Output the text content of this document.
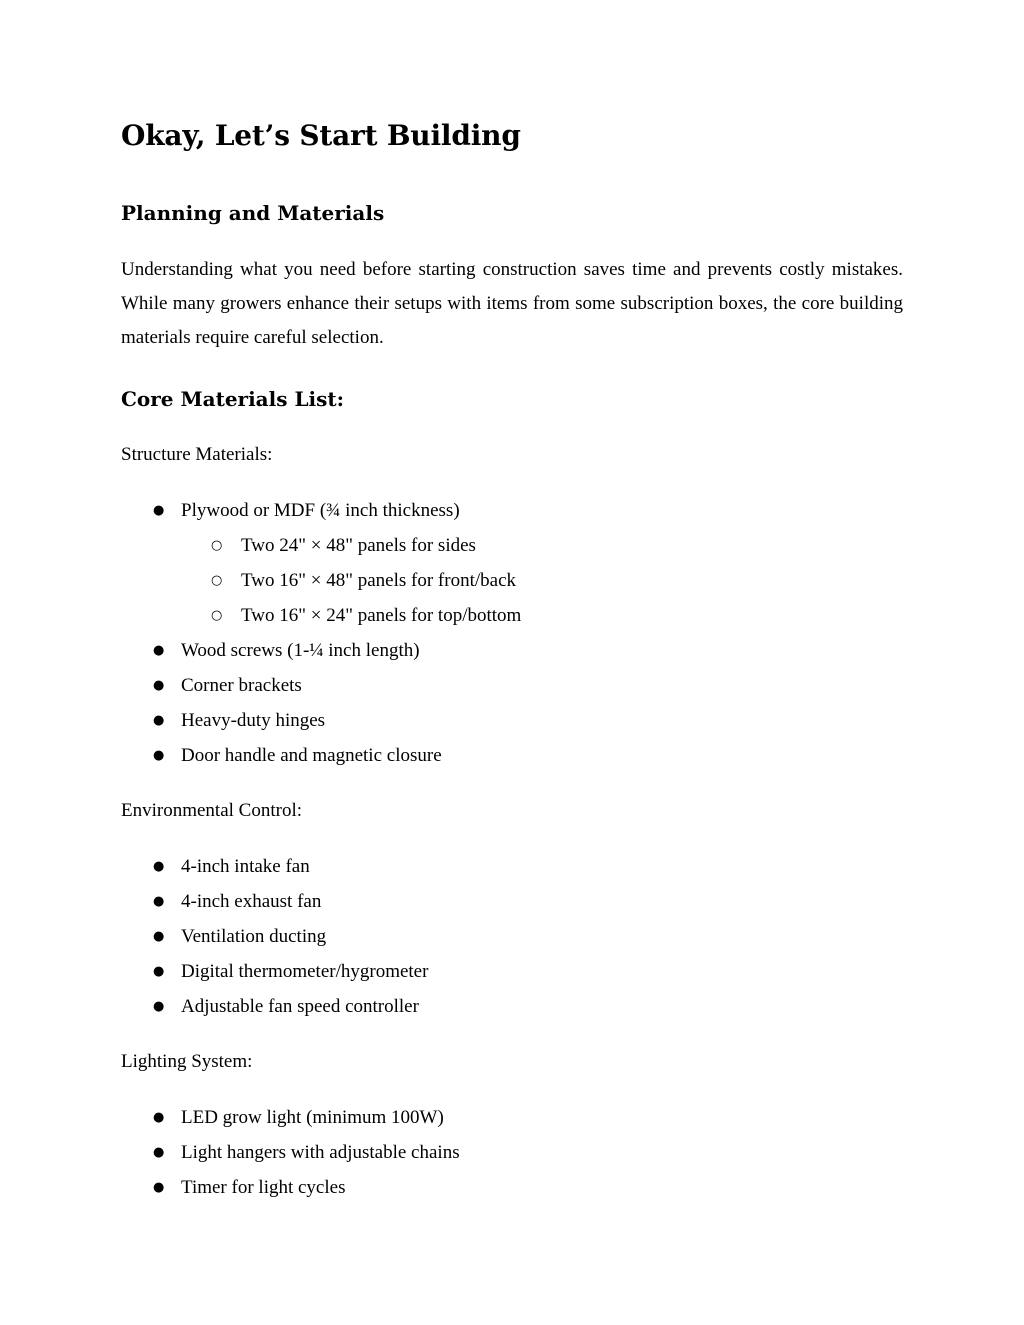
Okay, Let’s Start Building
Planning and Materials

Understanding what you need before starting construction saves time and prevents costly mistakes. While many growers enhance their setups with items from some subscription boxes, the core building materials require careful selection.

Core Materials List:

Structure Materials:

● Plywood or MDF (¾ inch thickness)
○ Two 24" × 48" panels for sides
○ Two 16" × 48" panels for front/back
○ Two 16" × 24" panels for top/bottom
● Wood screws (1-¼ inch length)
● Corner brackets
● Heavy-duty hinges
● Door handle and magnetic closure

Environmental Control:

● 4-inch intake fan
● 4-inch exhaust fan
● Ventilation ducting
● Digital thermometer/hygrometer
● Adjustable fan speed controller

Lighting System:

● LED grow light (minimum 100W)
● Light hangers with adjustable chains
● Timer for light cycles
